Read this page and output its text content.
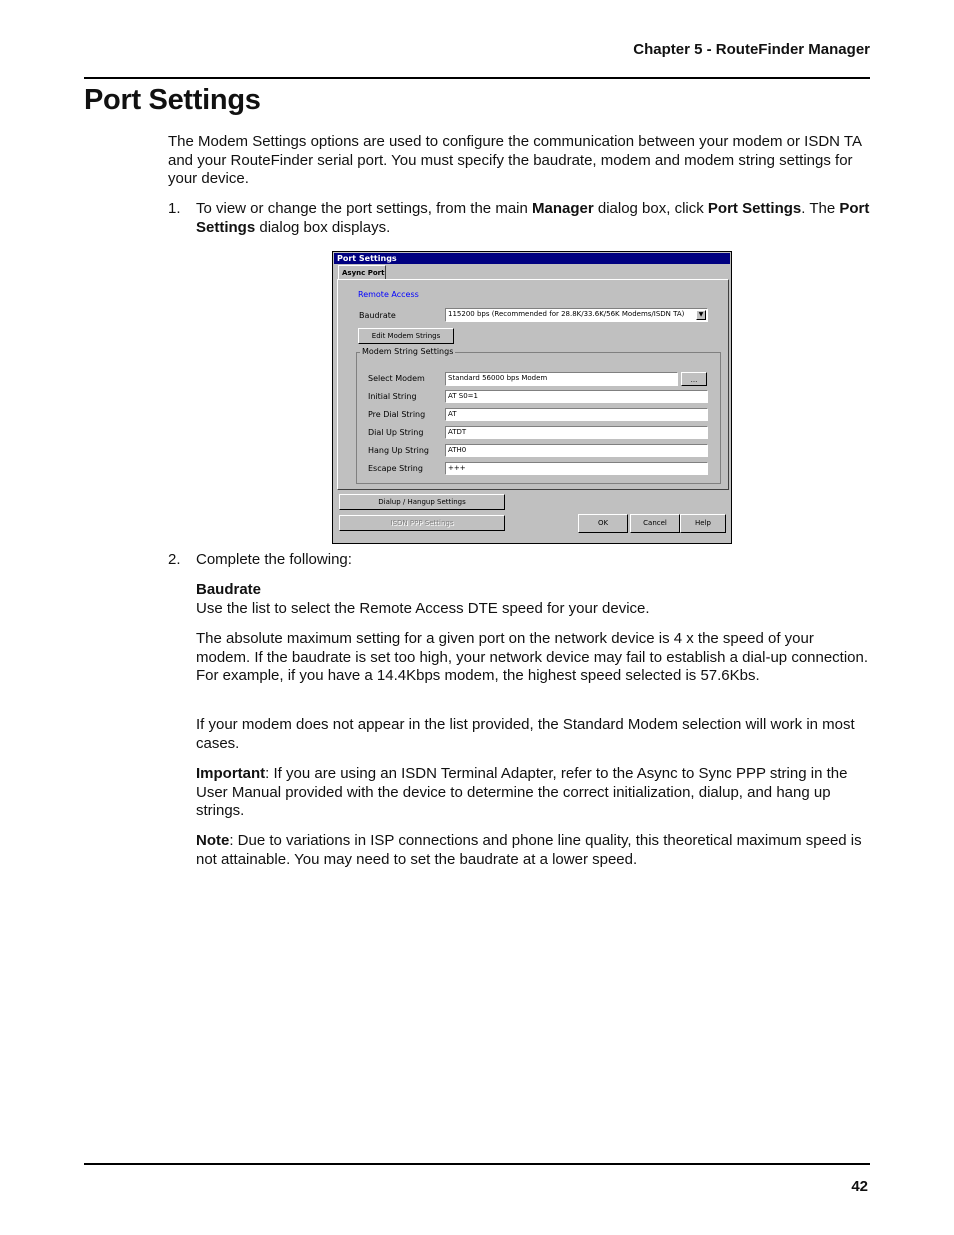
Chapter 5 - RouteFinder Manager
Port Settings

The Modem Settings options are used to configure the communication between your modem or ISDN TA and your RouteFinder serial port. You must specify the baudrate, modem and modem string settings for your device.

1. To view or change the port settings, from the main Manager dialog box, click Port Settings. The Port Settings dialog box displays.

Port Settings
Async Port
Remote Access
Baudrate	115200 bps (Recommended for 28.8K/33.6K/56K Modems/ISDN TA)	▼
Edit Modem Strings
Modem String Settings
Select Modem	Standard 56000 bps Modem	...
Initial String	AT S0=1
Pre Dial String	AT
Dial Up String	ATDT
Hang Up String	ATH0
Escape String	+++
Dialup / Hangup Settings
ISDN PPP Settings	OK	Cancel	Help
2. Complete the following:

Baudrate

Use the list to select the Remote Access DTE speed for your device.

The absolute maximum setting for a given port on the network device is 4 x the speed of your modem. If the baudrate is set too high, your network device may fail to establish a dial-up connection. For example, if you have a 14.4Kbps modem, the highest speed selected is 57.6Kbs.

If your modem does not appear in the list provided, the Standard Modem selection will work in most cases.

Important: If you are using an ISDN Terminal Adapter, refer to the Async to Sync PPP string in the User Manual provided with the device to determine the correct initialization, dialup, and hang up strings.

Note: Due to variations in ISP connections and phone line quality, this theoretical maximum speed is not attainable. You may need to set the baudrate at a lower speed.

42
